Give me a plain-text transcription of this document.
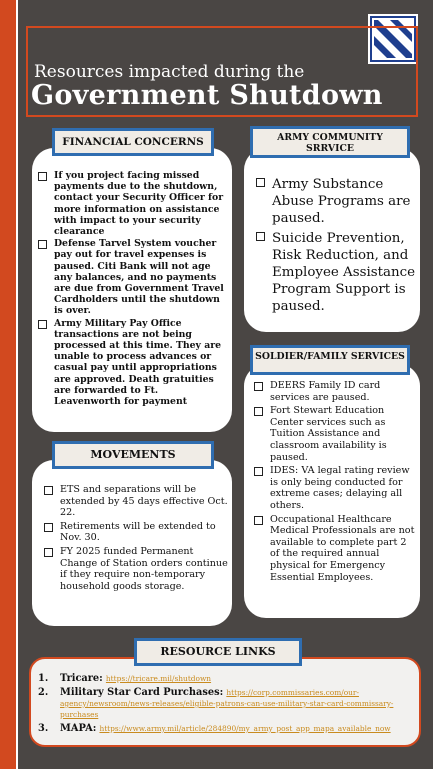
Resources impacted during the
Government Shutdown
If you project facing missed payments due to the shutdown, contact your Security Officer for more information on assistance with impact to your security clearance
Defense Tarvel System voucher pay out for travel expenses is paused. Citi Bank will not age any balances, and no payments are due from Government Travel Cardholders until the shutdown is over.
Army Military Pay Office transactions are not being processed at this time. They are unable to process advances or casual pay until appropriations are approved. Death gratuities are forwarded to Ft. Leavenworth for payment
FINANCIAL CONCERNS
Army Substance Abuse Programs are paused.
Suicide Prevention, Risk Reduction, and Employee Assistance Program Support is paused.
ARMY COMMUNITY SRRVICE
DEERS Family ID card services are paused.
Fort Stewart Education Center services such as Tuition Assistance and classroom availability is paused.
IDES: VA legal rating review is only being conducted for extreme cases; delaying all others.
Occupational Healthcare Medical Professionals are not available to complete part 2 of the required annual physical for Emergency Essential Employees.
SOLDIER/FAMILY SERVICES
ETS and separations will be extended by 45 days effective Oct. 22.
Retirements will be extended to Nov. 30.
FY 2025 funded Permanent Change of Station orders continue if they require non-temporary household goods storage.
MOVEMENTS
RESOURCE LINKS
1. Tricare: https://tricare.mil/shutdown
2. Military Star Card Purchases: https://corp.commissaries.com/our-agency/newsroom/news-releases/eligible-patrons-can-use-military-star-card-commissary-purchases
3. MAPA: https://www.army.mil/article/284890/my_army_post_app_mapa_available_now
